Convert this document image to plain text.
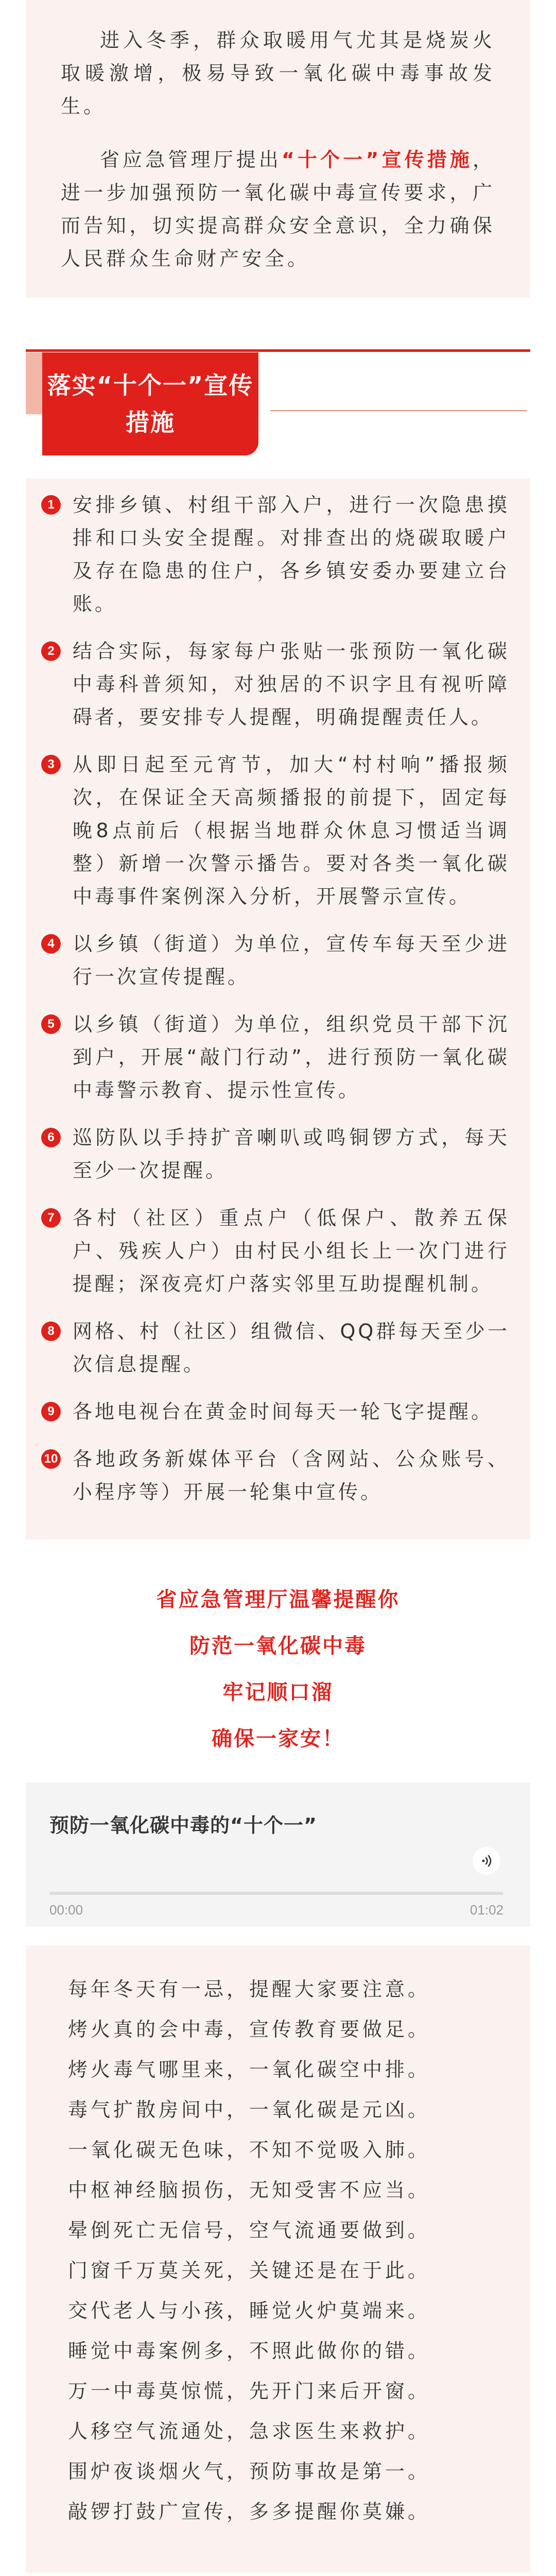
进入冬季，群众取暖用气尤其是烧炭火取暖激增，极易导致一氧化碳中毒事故发生。

省应急管理厅提出“十个一”宣传措施，进一步加强预防一氧化碳中毒宣传要求，广而告知，切实提高群众安全意识，全力确保人民群众生命财产安全。

落实“十个一”宣传措施
1 安排乡镇、村组干部入户，进行一次隐患摸排和口头安全提醒。对排查出的烧碳取暖户及存在隐患的住户，各乡镇安委办要建立台账。
2 结合实际，每家每户张贴一张预防一氧化碳中毒科普须知，对独居的不识字且有视听障碍者，要安排专人提醒，明确提醒责任人。
3 从即日起至元宵节，加大“村村响”播报频次，在保证全天高频播报的前提下，固定每晚8点前后（根据当地群众休息习惯适当调整）新增一次警示播告。要对各类一氧化碳中毒事件案例深入分析，开展警示宣传。
4 以乡镇（街道）为单位，宣传车每天至少进行一次宣传提醒。
5 以乡镇（街道）为单位，组织党员干部下沉到户，开展“敲门行动”，进行预防一氧化碳中毒警示教育、提示性宣传。
6 巡防队以手持扩音喇叭或鸣铜锣方式，每天至少一次提醒。
7 各村（社区）重点户（低保户、散养五保户、残疾人户）由村民小组长上一次门进行提醒；深夜亮灯户落实邻里互助提醒机制。
8 网格、村（社区）组微信、QQ群每天至少一次信息提醒。
9 各地电视台在黄金时间每天一轮飞字提醒。
10 各地政务新媒体平台（含网站、公众账号、小程序等）开展一轮集中宣传。
省应急管理厅温馨提醒你
防范一氧化碳中毒
牢记顺口溜
确保一家安！
预防一氧化碳中毒的“十个一”
00:00	01:02
每年冬天有一忌，提醒大家要注意。
烤火真的会中毒，宣传教育要做足。
烤火毒气哪里来，一氧化碳空中排。
毒气扩散房间中，一氧化碳是元凶。
一氧化碳无色味，不知不觉吸入肺。
中枢神经脑损伤，无知受害不应当。
晕倒死亡无信号，空气流通要做到。
门窗千万莫关死，关键还是在于此。
交代老人与小孩，睡觉火炉莫端来。
睡觉中毒案例多，不照此做你的错。
万一中毒莫惊慌，先开门来后开窗。
人移空气流通处，急求医生来救护。
围炉夜谈烟火气，预防事故是第一。
敲锣打鼓广宣传，多多提醒你莫嫌。
